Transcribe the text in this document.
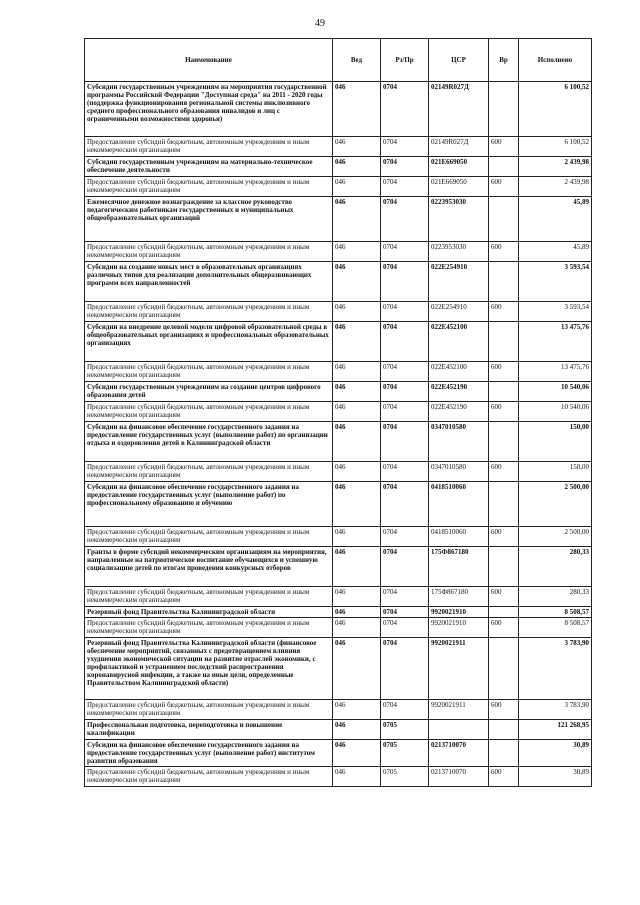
49
Наименование	Вед	Рз/Пр	ЦСР	Вр	Исполнено
Субсидии государственным учреждениям на мероприятия государственной программы Российской Федерации "Доступная среда" на 2011 - 2020 годы (поддержка функционирования региональной системы инклюзивного среднего профессионального образования инвалидов и лиц с ограниченными возможностями здоровья)	046	0704	02149R027Д		6 100,52
Предоставление субсидий бюджетным, автономным учреждениям и иным некоммерческим организациям	046	0704	02149R027Д	600	6 100,52
Субсидии государственным учреждениям на материально-техническое обеспечение деятельности	046	0704	021E669050		2 439,98
Предоставление субсидий бюджетным, автономным учреждениям и иным некоммерческим организациям	046	0704	021E669050	600	2 439,98
Ежемесячное денежное вознаграждение за классное руководство педагогическим работникам государственных и муниципальных общеобразовательных организаций	046	0704	0223953030		45,89
Предоставление субсидий бюджетным, автономным учреждениям и иным некоммерческим организациям	046	0704	0223953030	600	45,89
Субсидии на создание новых мест в образовательных организациях различных типов для реализации дополнительных общеразвивающих программ всех направленностей	046	0704	022E254910		3 593,54
Предоставление субсидий бюджетным, автономным учреждениям и иным некоммерческим организациям	046	0704	022E254910	600	3 593,54
Субсидии на внедрение целевой модели цифровой образовательной среды в общеобразовательных организациях и профессиональных образовательных организациях	046	0704	022E452100		13 475,76
Предоставление субсидий бюджетным, автономным учреждениям и иным некоммерческим организациям	046	0704	022E452100	600	13 475,76
Субсидии государственным учреждениям на создание центров цифрового образования детей	046	0704	022E452190		10 540,06
Предоставление субсидий бюджетным, автономным учреждениям и иным некоммерческим организациям	046	0704	022E452190	600	10 540,06
Субсидии на финансовое обеспечение государственного задания на предоставление государственных услуг (выполнение работ) по организации отдыха и оздоровления детей в Калининградской области	046	0704	0347010580		150,00
Предоставление субсидий бюджетным, автономным учреждениям и иным некоммерческим организациям	046	0704	0347010580	600	150,00
Субсидии на финансовое обеспечение государственного задания на предоставление государственных услуг (выполнение работ) по профессиональному образованию и обучению	046	0704	0418510060		2 500,00
Предоставление субсидий бюджетным, автономным учреждениям и иным некоммерческим организациям	046	0704	0418510060	600	2 500,00
Гранты в форме субсидий некоммерческим организациям на мероприятия, направленные на патриотическое воспитание обучающихся и успешную социализацию детей по итогам проведения конкурсных отборов	046	0704	175Ф867180		280,33
Предоставление субсидий бюджетным, автономным учреждениям и иным некоммерческим организациям	046	0704	175Ф867180	600	280,33
Резервный фонд Правительства Калининградской области	046	0704	9920021910		8 508,57
Предоставление субсидий бюджетным, автономным учреждениям и иным некоммерческим организациям	046	0704	9920021910	600	8 508,57
Резервный фонд Правительства Калининградской области (финансовое обеспечение мероприятий, связанных с предотвращением влияния ухудшения экономической ситуации на развитие отраслей экономики, с профилактикой и устранением последствий распространения коронавирусной инфекции, а также на иные цели, определенные Правительством Калининградской области)	046	0704	9920021911		3 783,90
Предоставление субсидий бюджетным, автономным учреждениям и иным некоммерческим организациям	046	0704	9920021911	600	3 783,90
Профессиональная подготовка, переподготовка и повышение квалификации	046	0705			121 268,95
Субсидии на финансовое обеспечение государственного задания на предоставление государственных услуг (выполнение работ) институтом развития образования	046	0705	0213710070		30,89
Предоставление субсидий бюджетным, автономным учреждениям и иным некоммерческим организациям	046	0705	0213710070	600	30,89
